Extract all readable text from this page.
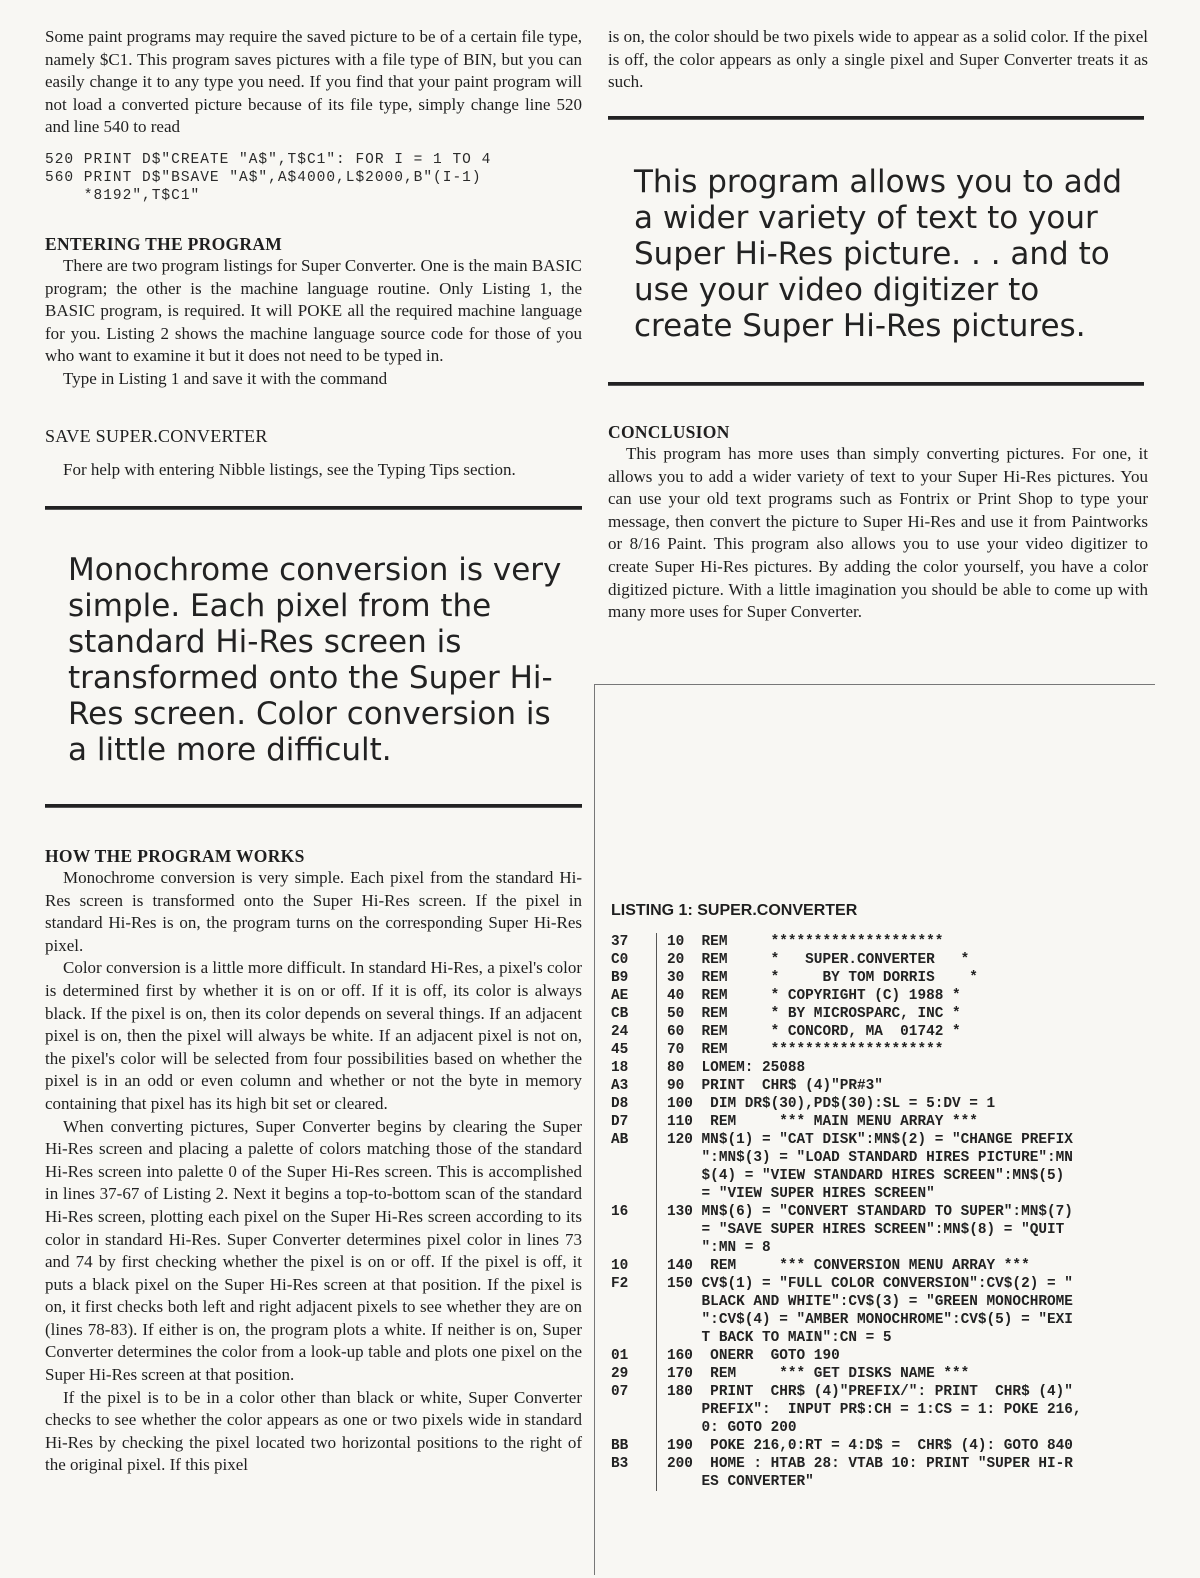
Some paint programs may require the saved picture to be of a certain file type, namely $C1. This program saves pictures with a file type of BIN, but you can easily change it to any type you need. If you find that your paint program will not load a converted picture because of its file type, simply change line 520 and line 540 to read

520 PRINT D$"CREATE "A$",T$C1": FOR I = 1 TO 4
560 PRINT D$"BSAVE "A$",A$4000,L$2000,B"(I-1)
*8192",T$C1"

ENTERING THE PROGRAM

There are two program listings for Super Converter. One is the main BASIC program; the other is the machine language routine. Only Listing 1, the BASIC program, is required. It will POKE all the required machine language for you. Listing 2 shows the machine language source code for those of you who want to examine it but it does not need to be typed in.

Type in Listing 1 and save it with the command

SAVE SUPER.CONVERTER

For help with entering Nibble listings, see the Typing Tips section.

Monochrome conversion is very simple. Each pixel from the standard Hi-Res screen is transformed onto the Super Hi-Res screen. Color conversion is a little more difficult.

HOW THE PROGRAM WORKS

Monochrome conversion is very simple. Each pixel from the standard Hi-Res screen is transformed onto the Super Hi-Res screen. If the pixel in standard Hi-Res is on, the program turns on the corresponding Super Hi-Res pixel.

Color conversion is a little more difficult. In standard Hi-Res, a pixel's color is determined first by whether it is on or off. If it is off, its color is always black. If the pixel is on, then its color depends on several things. If an adjacent pixel is on, then the pixel will always be white. If an adjacent pixel is not on, the pixel's color will be selected from four possibilities based on whether the pixel is in an odd or even column and whether or not the byte in memory containing that pixel has its high bit set or cleared.

When converting pictures, Super Converter begins by clearing the Super Hi-Res screen and placing a palette of colors matching those of the standard Hi-Res screen into palette 0 of the Super Hi-Res screen. This is accomplished in lines 37-67 of Listing 2. Next it begins a top-to-bottom scan of the standard Hi-Res screen, plotting each pixel on the Super Hi-Res screen according to its color in standard Hi-Res. Super Converter determines pixel color in lines 73 and 74 by first checking whether the pixel is on or off. If the pixel is off, it puts a black pixel on the Super Hi-Res screen at that position. If the pixel is on, it first checks both left and right adjacent pixels to see whether they are on (lines 78-83). If either is on, the program plots a white. If neither is on, Super Converter determines the color from a look-up table and plots one pixel on the Super Hi-Res screen at that position.

If the pixel is to be in a color other than black or white, Super Converter checks to see whether the color appears as one or two pixels wide in standard Hi-Res by checking the pixel located two horizontal positions to the right of the original pixel. If this pixel

is on, the color should be two pixels wide to appear as a solid color. If the pixel is off, the color appears as only a single pixel and Super Converter treats it as such.

This program allows you to add a wider variety of text to your Super Hi-Res picture. . . and to use your video digitizer to create Super Hi-Res pictures.

CONCLUSION

This program has more uses than simply converting pictures. For one, it allows you to add a wider variety of text to your Super Hi-Res pictures. You can use your old text programs such as Fontrix or Print Shop to type your message, then convert the picture to Super Hi-Res and use it from Paintworks or 8/16 Paint. This program also allows you to use your video digitizer to create Super Hi-Res pictures. By adding the color yourself, you have a color digitized picture. With a little imagination you should be able to come up with many more uses for Super Converter.

LISTING 1: SUPER.CONVERTER
37	10  REM     ********************
C0	20  REM     *   SUPER.CONVERTER   *
B9	30  REM     *     BY TOM DORRIS    *
AE	40  REM     * COPYRIGHT (C) 1988 *
CB	50  REM     * BY MICROSPARC, INC *
24	60  REM     * CONCORD, MA  01742 *
45	70  REM     ********************
18	80  LOMEM: 25088
A3	90  PRINT  CHR$ (4)"PR#3"
D8	100  DIM DR$(30),PD$(30):SL = 5:DV = 1
D7	110  REM     *** MAIN MENU ARRAY ***
AB	120 MN$(1) = "CAT DISK":MN$(2) = "CHANGE PREFIX
":MN$(3) = "LOAD STANDARD HIRES PICTURE":MN
$(4) = "VIEW STANDARD HIRES SCREEN":MN$(5)
= "VIEW SUPER HIRES SCREEN"
16	130 MN$(6) = "CONVERT STANDARD TO SUPER":MN$(7)
= "SAVE SUPER HIRES SCREEN":MN$(8) = "QUIT
":MN = 8
10	140  REM     *** CONVERSION MENU ARRAY ***
F2	150 CV$(1) = "FULL COLOR CONVERSION":CV$(2) = "
BLACK AND WHITE":CV$(3) = "GREEN MONOCHROME
":CV$(4) = "AMBER MONOCHROME":CV$(5) = "EXI
T BACK TO MAIN":CN = 5
01	160  ONERR  GOTO 190
29	170  REM     *** GET DISKS NAME ***
07	180  PRINT  CHR$ (4)"PREFIX/": PRINT  CHR$ (4)"
PREFIX":  INPUT PR$:CH = 1:CS = 1: POKE 216,
0: GOTO 200
BB	190  POKE 216,0:RT = 4:D$ =  CHR$ (4): GOTO 840
B3	200  HOME : HTAB 28: VTAB 10: PRINT "SUPER HI-R
ES CONVERTER"
